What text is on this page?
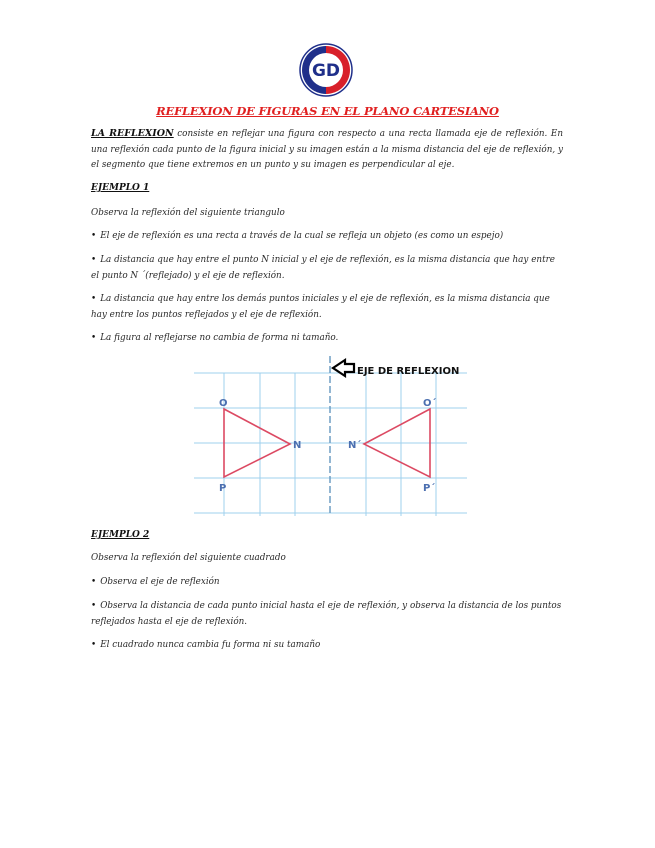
GD
REFLEXION DE FIGURAS EN EL PLANO CARTESIANO
LA REFLEXION consiste en reflejar una figura con respecto a una recta llamada eje de reflexión. En una reflexión cada punto de la figura inicial y su imagen están a la misma distancia del eje de reflexión, y el segmento que tiene extremos en un punto y su imagen es perpendicular al eje.
EJEMPLO 1
Observa la reflexión del siguiente triangulo
• El eje de reflexión es una recta a través de la cual se refleja un objeto (es como un espejo)
• La distancia que hay entre el punto N inicial y el eje de reflexión, es la misma distancia que hay entre el punto N ´(reflejado) y el eje de reflexión.
• La distancia que hay entre los demás puntos iniciales y el eje de reflexión, es la misma distancia que hay entre los puntos reflejados y el eje de reflexión.
• La figura al reflejarse no cambia de forma ni tamaño.
EJE DE REFLEXION
O
N
P
O´
N´
P´
EJEMPLO 2
Observa la reflexión del siguiente cuadrado
• Observa el eje de reflexión
• Observa la distancia de cada punto inicial hasta el eje de reflexión, y observa la distancia de los puntos reflejados hasta el eje de reflexión.
• El cuadrado nunca cambia fu forma ni su tamaño
